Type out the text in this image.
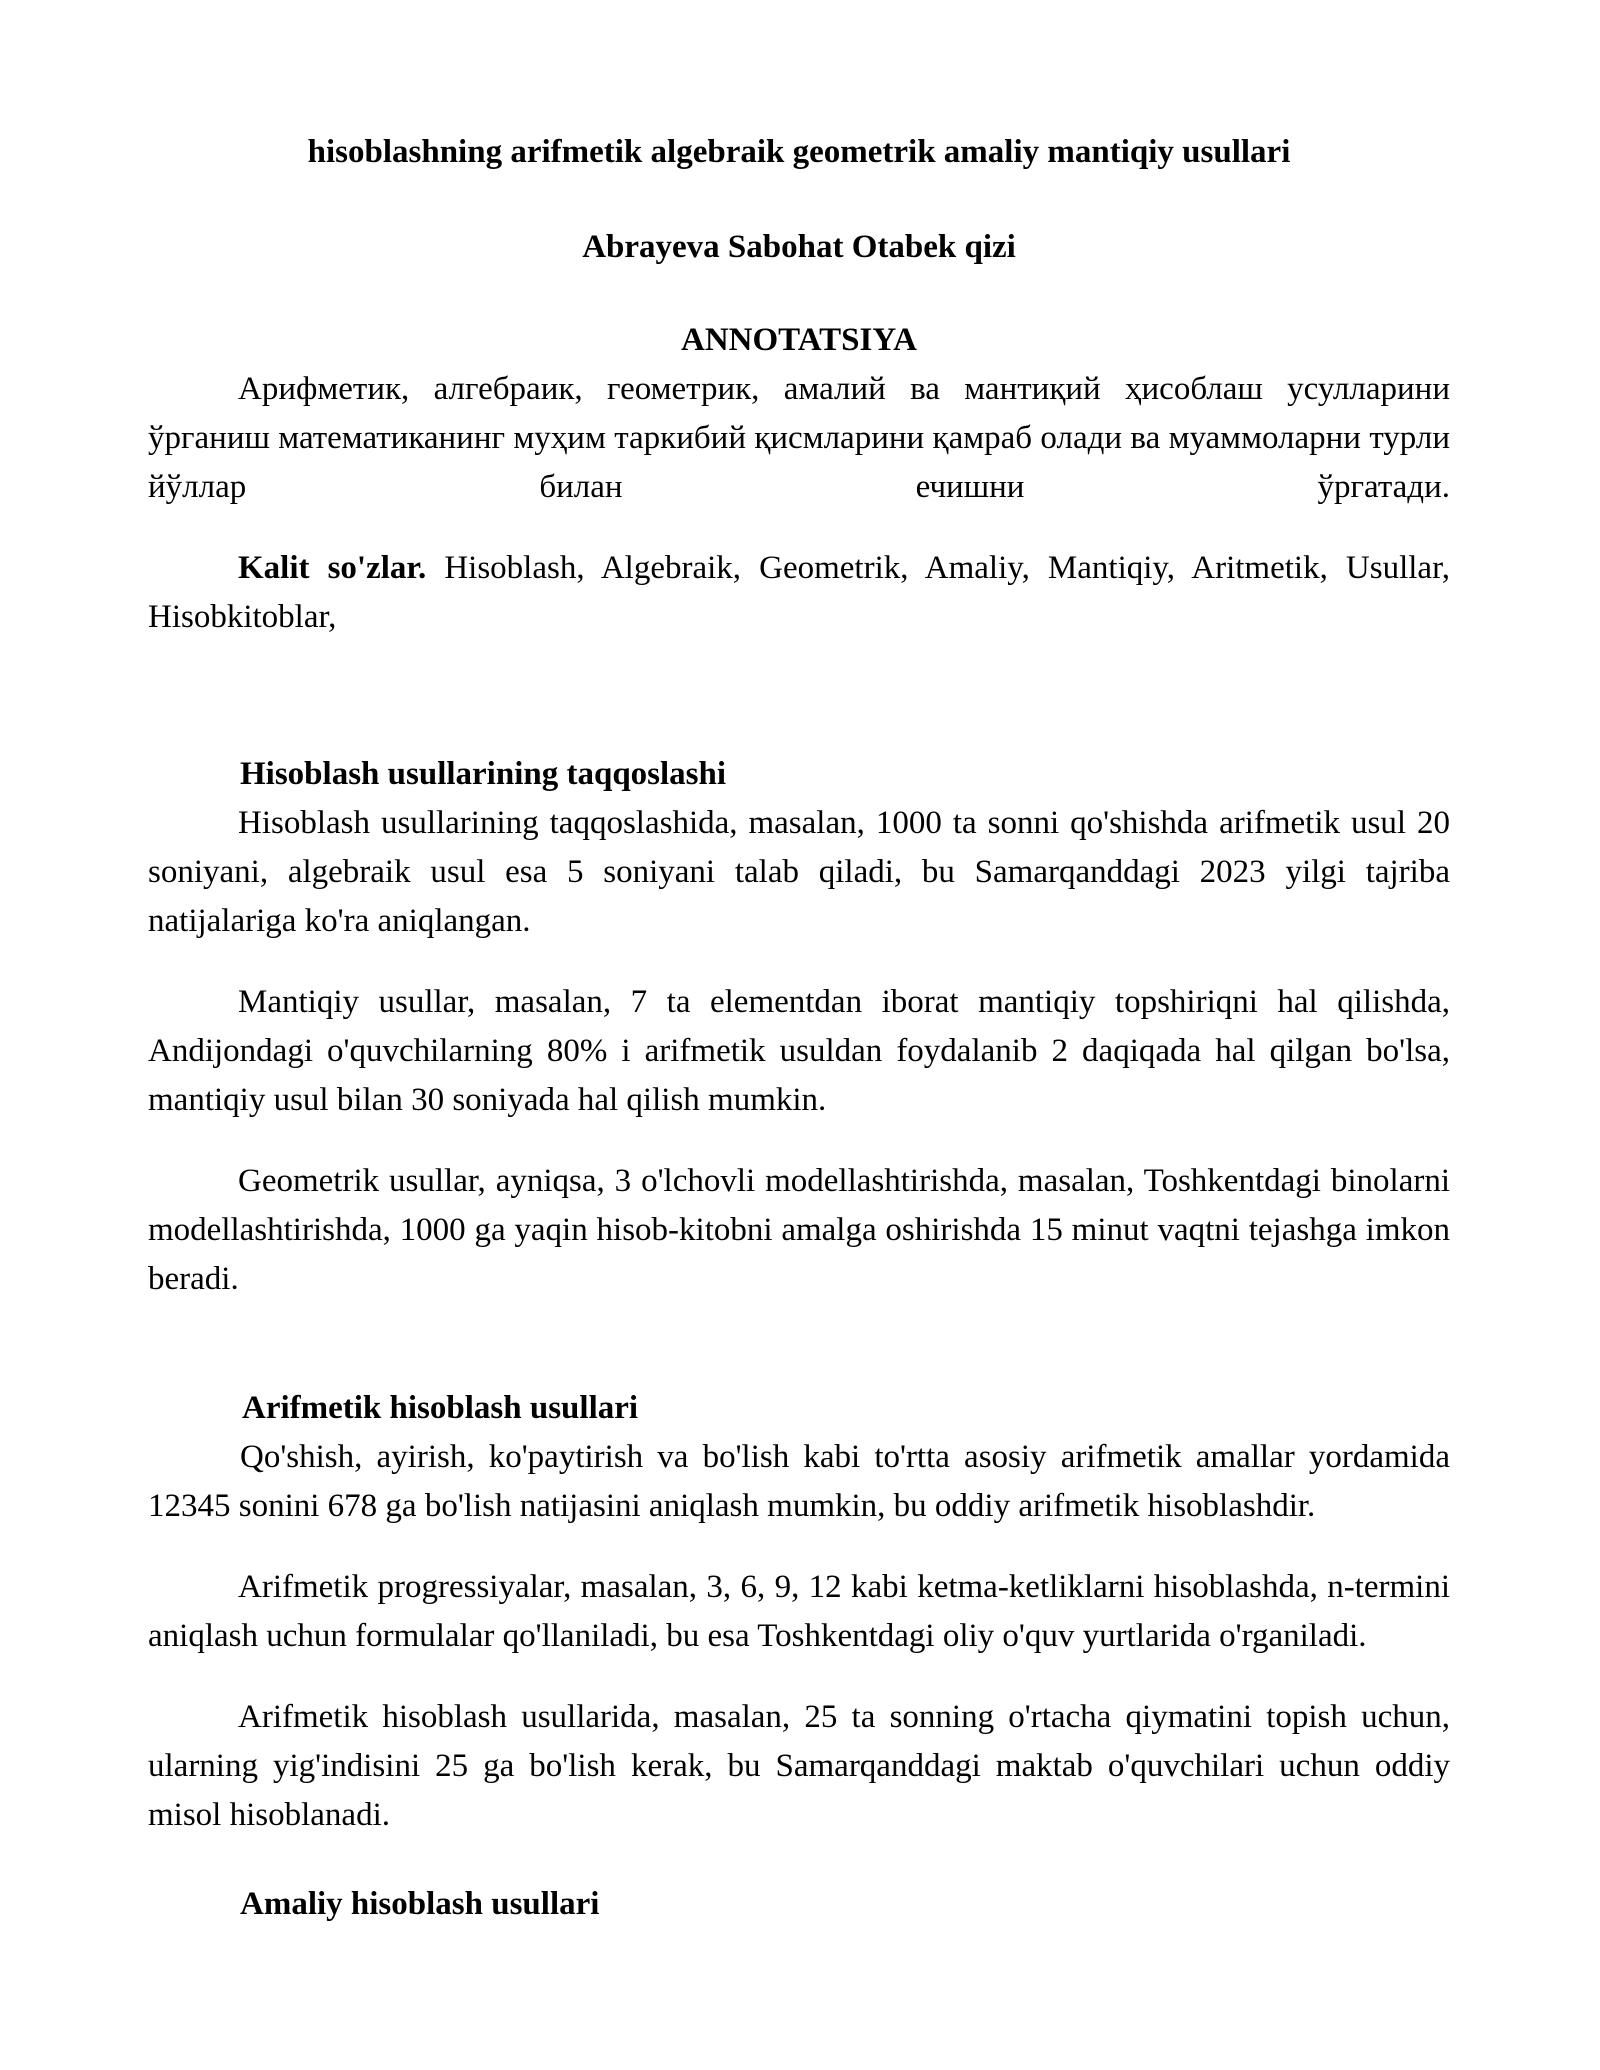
hisoblashning arifmetik algebraik geometrik amaliy mantiqiy usullari
Abrayeva Sabohat Otabek qizi
ANNOTATSIYA

Арифметик, алгебраик, геометрик, амалий ва мантиқий ҳисоблаш усулларини ўрганиш математиканинг муҳим таркибий қисмларини қамраб олади ва муаммоларни турли йўллар билан ечишни ўргатади.

Kalit so'zlar. Hisoblash, Algebraik, Geometrik, Amaliy, Mantiqiy, Aritmetik, Usullar, Hisobkitoblar,

Hisoblash usullarining taqqoslashi

Hisoblash usullarining taqqoslashida, masalan, 1000 ta sonni qo'shishda arifmetik usul 20 soniyani, algebraik usul esa 5 soniyani talab qiladi, bu Samarqanddagi 2023 yilgi tajriba natijalariga ko'ra aniqlangan.

Mantiqiy usullar, masalan, 7 ta elementdan iborat mantiqiy topshiriqni hal qilishda, Andijondagi o'quvchilarning 80% i arifmetik usuldan foydalanib 2 daqiqada hal qilgan bo'lsa, mantiqiy usul bilan 30 soniyada hal qilish mumkin.

Geometrik usullar, ayniqsa, 3 o'lchovli modellashtirishda, masalan, Toshkentdagi binolarni modellashtirishda, 1000 ga yaqin hisob-kitobni amalga oshirishda 15 minut vaqtni tejashga imkon beradi.

Arifmetik hisoblash usullari

Qo'shish, ayirish, ko'paytirish va bo'lish kabi to'rtta asosiy arifmetik amallar yordamida 12345 sonini 678 ga bo'lish natijasini aniqlash mumkin, bu oddiy arifmetik hisoblashdir.

Arifmetik progressiyalar, masalan, 3, 6, 9, 12 kabi ketma-ketliklarni hisoblashda, n-termini aniqlash uchun formulalar qo'llaniladi, bu esa Toshkentdagi oliy o'quv yurtlarida o'rganiladi.

Arifmetik hisoblash usullarida, masalan, 25 ta sonning o'rtacha qiymatini topish uchun, ularning yig'indisini 25 ga bo'lish kerak, bu Samarqanddagi maktab o'quvchilari uchun oddiy misol hisoblanadi.

Amaliy hisoblash usullari
